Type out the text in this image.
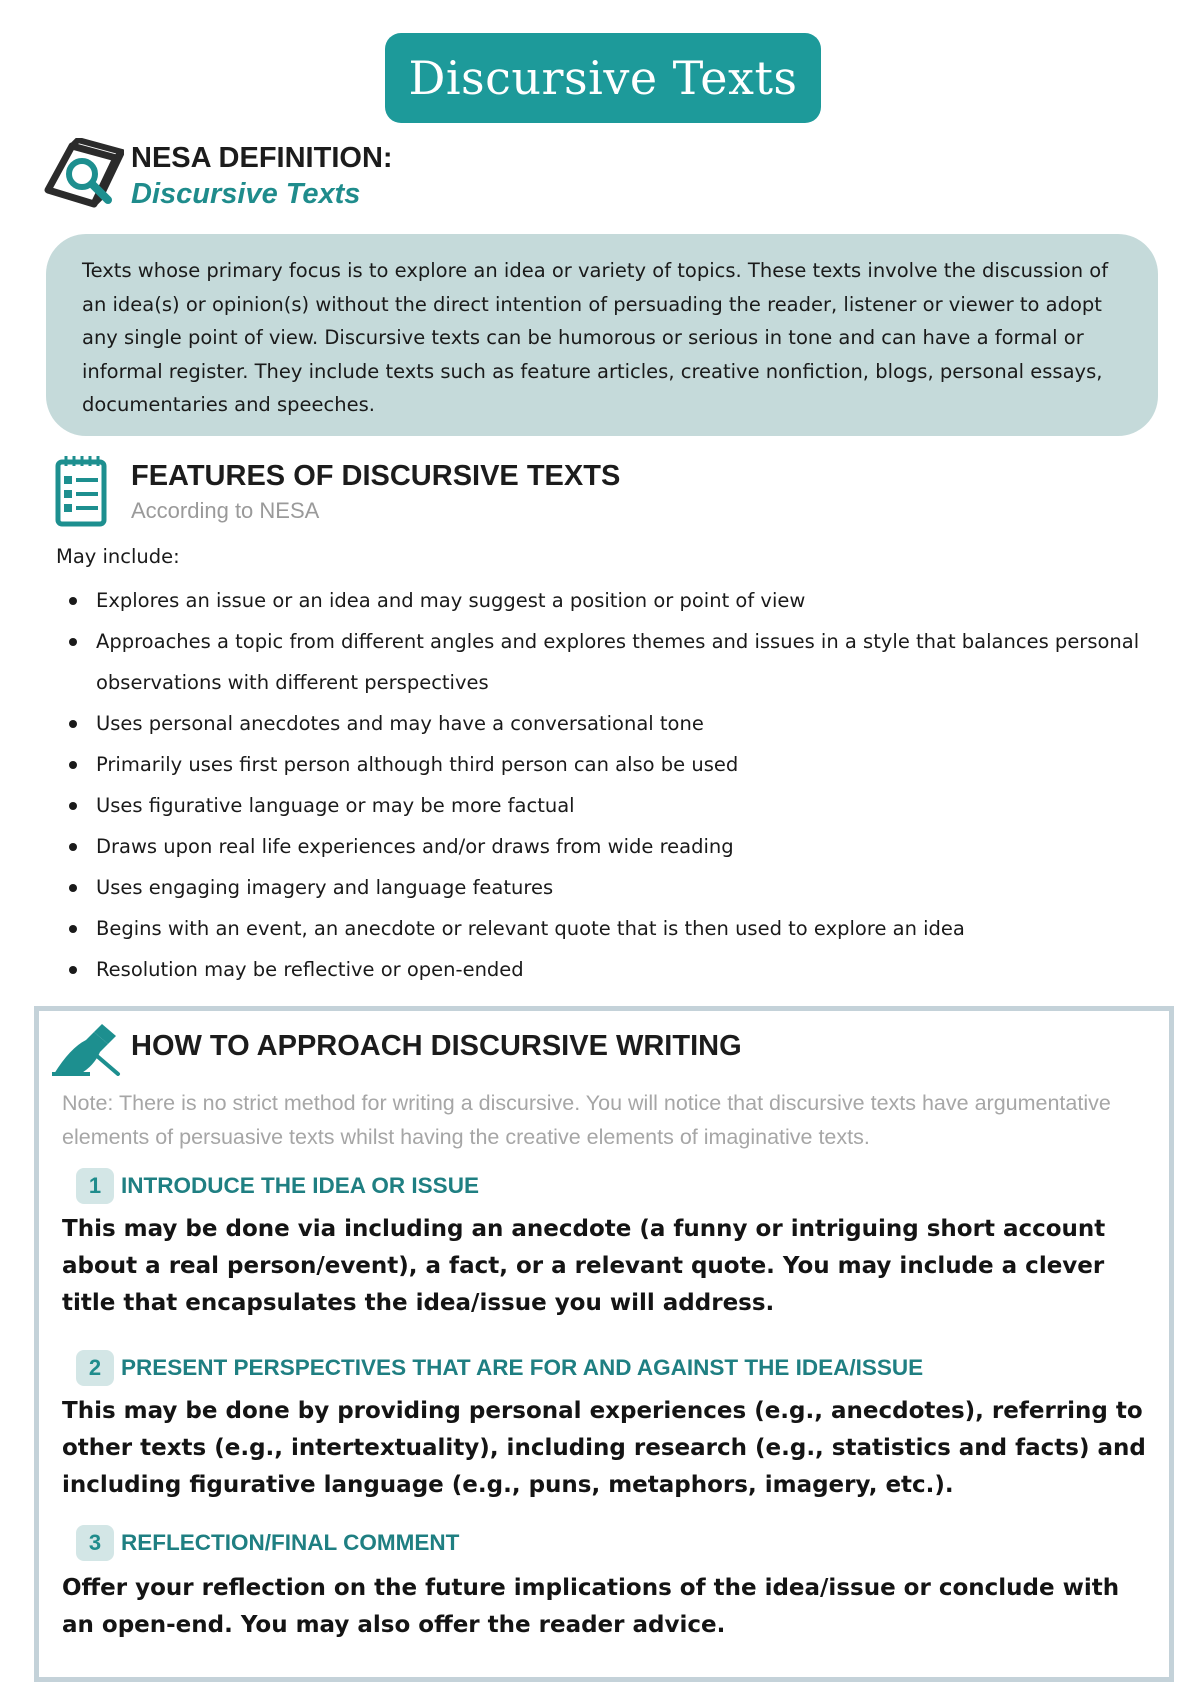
Discursive Texts
NESA DEFINITION:
Discursive Texts

Texts whose primary focus is to explore an idea or variety of topics. These texts involve the discussion of an idea(s) or opinion(s) without the direct intention of persuading the reader, listener or viewer to adopt any single point of view. Discursive texts can be humorous or serious in tone and can have a formal or informal register. They include texts such as feature articles, creative nonfiction, blogs, personal essays, documentaries and speeches.

FEATURES OF DISCURSIVE TEXTS
According to NESA
May include:
Explores an issue or an idea and may suggest a position or point of view
Approaches a topic from different angles and explores themes and issues in a style that balances personal observations with different perspectives
Uses personal anecdotes and may have a conversational tone
Primarily uses first person although third person can also be used
Uses figurative language or may be more factual
Draws upon real life experiences and/or draws from wide reading
Uses engaging imagery and language features
Begins with an event, an anecdote or relevant quote that is then used to explore an idea
Resolution may be reflective or open-ended
HOW TO APPROACH DISCURSIVE WRITING
Note: There is no strict method for writing a discursive. You will notice that discursive texts have argumentative elements of persuasive texts whilst having the creative elements of imaginative texts.
1 INTRODUCE THE IDEA OR ISSUE
This may be done via including an anecdote (a funny or intriguing short account about a real person/event), a fact, or a relevant quote. You may include a clever title that encapsulates the idea/issue you will address.
2 PRESENT PERSPECTIVES THAT ARE FOR AND AGAINST THE IDEA/ISSUE
This may be done by providing personal experiences (e.g., anecdotes), referring to other texts (e.g., intertextuality), including research (e.g., statistics and facts) and including figurative language (e.g., puns, metaphors, imagery, etc.).
3 REFLECTION/FINAL COMMENT
Offer your reflection on the future implications of the idea/issue or conclude with an open-end. You may also offer the reader advice.
